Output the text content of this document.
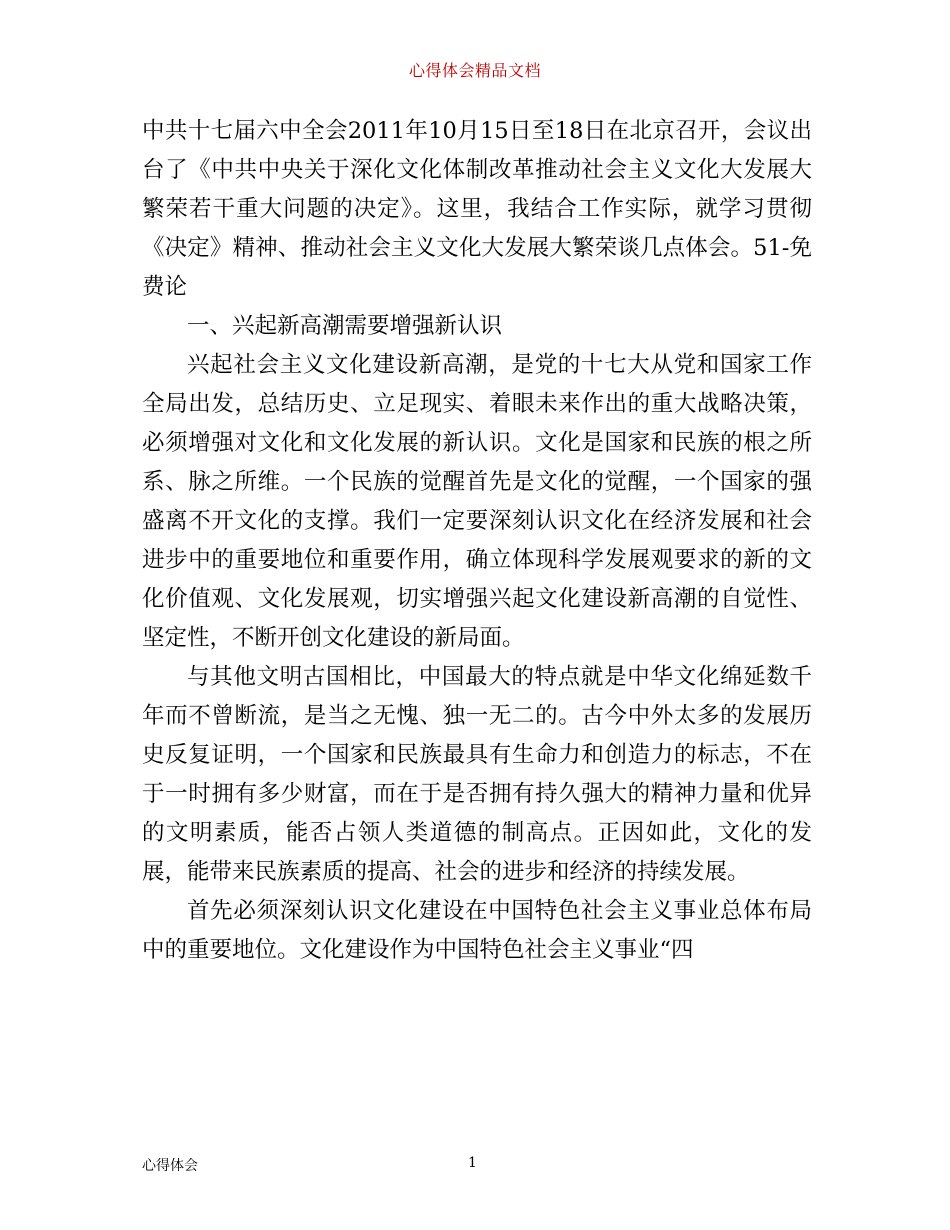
心得体会精品文档

中共十七届六中全会2011年10月15日至18日在北京召开，会议出台了《中共中央关于深化文化体制改革推动社会主义文化大发展大繁荣若干重大问题的决定》。这里，我结合工作实际，就学习贯彻《决定》精神、推动社会主义文化大发展大繁荣谈几点体会。51-免费论

一、兴起新高潮需要增强新认识

兴起社会主义文化建设新高潮，是党的十七大从党和国家工作全局出发，总结历史、立足现实、着眼未来作出的重大战略决策，必须增强对文化和文化发展的新认识。文化是国家和民族的根之所系、脉之所维。一个民族的觉醒首先是文化的觉醒，一个国家的强盛离不开文化的支撑。我们一定要深刻认识文化在经济发展和社会进步中的重要地位和重要作用，确立体现科学发展观要求的新的文化价值观、文化发展观，切实增强兴起文化建设新高潮的自觉性、坚定性，不断开创文化建设的新局面。

与其他文明古国相比，中国最大的特点就是中华文化绵延数千年而不曾断流，是当之无愧、独一无二的。古今中外太多的发展历史反复证明，一个国家和民族最具有生命力和创造力的标志，不在于一时拥有多少财富，而在于是否拥有持久强大的精神力量和优异的文明素质，能否占领人类道德的制高点。正因如此，文化的发展，能带来民族素质的提高、社会的进步和经济的持续发展。

首先必须深刻认识文化建设在中国特色社会主义事业总体布局中的重要地位。文化建设作为中国特色社会主义事业“四

心得体会	1
